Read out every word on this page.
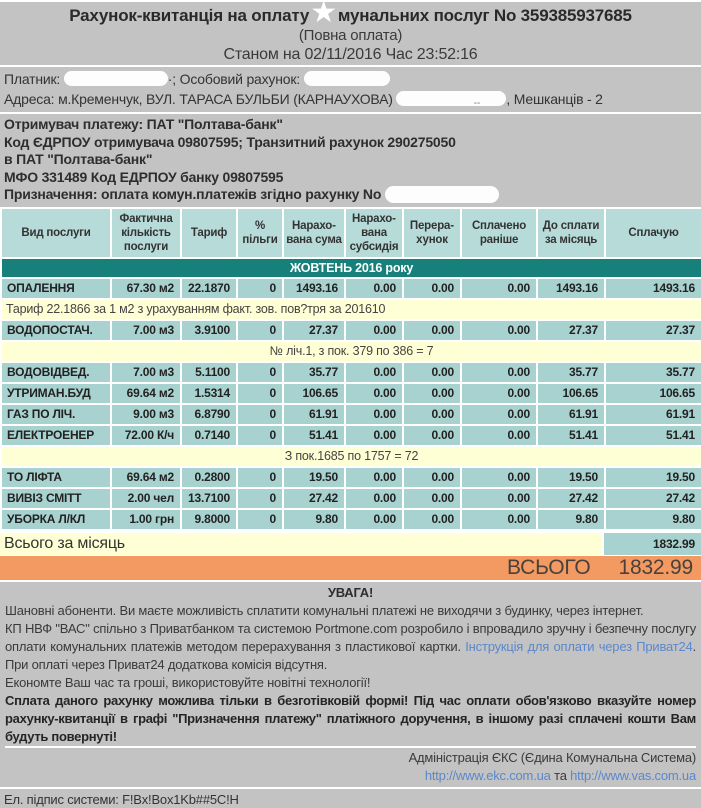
Рахунок-квитанція на оплату★мунальних послуг No 359385937685
(Повна оплата)
Станом на 02/11/2016 Час 23:52:16
Платник:	·; Особовий рахунок:
Адреса: м.Кременчук, ВУЛ. ТАРАСА БУЛЬБИ (КАРНАУХОВА)	-- , Мешканців - 2
Отримувач платежу: ПАТ "Полтава-банк"
Код ЄДРПОУ отримувача 09807595; Транзитний рахунок 290275050
в ПАТ "Полтава-банк"
МФО 331489 Код ЕДРПОУ банку 09807595
Призначення: оплата комун.платежів згідно рахунку No
Вид послуги	Фактична кількість послуги	Тариф	% пільги	Нарахована сума	Нарахована субсидія	Перерахунок	Сплачено раніше	До сплати за місяць	Сплачую
ЖОВТЕНЬ 2016 року									
ОПАЛЕННЯ	67.30 м2	22.1870	0	1493.16	0.00	0.00	0.00	1493.16	1493.16
Тариф 22.1866 за 1 м2 з урахуванням факт. зов. пов?тря за 201610									
ВОДОПОСТАЧ.	7.00 м3	3.9100	0	27.37	0.00	0.00	0.00	27.37	27.37
№ ліч.1, з пок. 379 по 386 = 7									
ВОДОВІДВЕД.	7.00 м3	5.1100	0	35.77	0.00	0.00	0.00	35.77	35.77
УТРИМАН.БУД	69.64 м2	1.5314	0	106.65	0.00	0.00	0.00	106.65	106.65
ГАЗ ПО ЛІЧ.	9.00 м3	6.8790	0	61.91	0.00	0.00	0.00	61.91	61.91
ЕЛЕКТРОЕНЕР	72.00 К/ч	0.7140	0	51.41	0.00	0.00	0.00	51.41	51.41
З пок.1685 по 1757 = 72									
ТО ЛІФТА	69.64 м2	0.2800	0	19.50	0.00	0.00	0.00	19.50	19.50
ВИВІЗ СМІТТ	2.00 чел	13.7100	0	27.42	0.00	0.00	0.00	27.42	27.42
УБОРКА Л/КЛ	1.00 грн	9.8000	0	9.80	0.00	0.00	0.00	9.80	9.80
Всього за місяць	1832.99
ВСЬОГО 1832.99
УВАГА!
Шановні абоненти. Ви маєте можливість сплатити комунальні платежі не виходячи з будинку, через інтернет.
КП НВФ "ВАС" спільно з Приватбанком та системою Portmone.com розробило і впровадило зручну і безпечну послугу оплати комунальних платежів методом перерахування з пластикової картки. Інструкція для оплати через Приват24. При оплаті через Приват24 додаткова комісія відсутня.
Економте Ваш час та гроші, використовуйте новітні технології!
Сплата даного рахунку можлива тільки в безготівковій формі! Під час оплати обов'язково вказуйте номер рахунку-квитанції в графі "Призначення платежу" платіжного доручення, в іншому разі сплачені кошти Вам будуть повернуті!
Адміністрація ЄКС (Єдина Комунальна Система)
http://www.ekc.com.ua та http://www.vas.com.ua
Ел. підпис системи: F!Bx!Box1Kb##5C!H
